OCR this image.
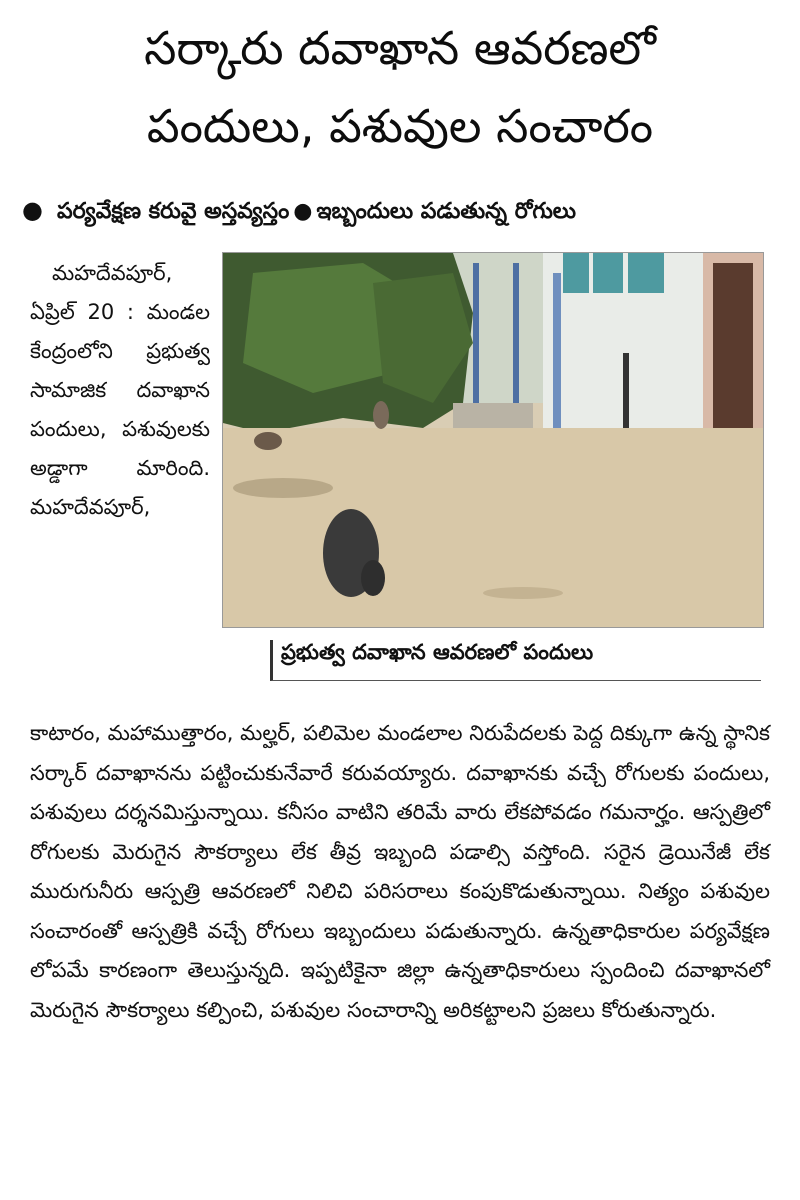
సర్కారు దవాఖాన ఆవరణలో
పందులు, పశువుల సంచారం
● పర్యవేక్షణ కరువై అస్తవ్యస్తం●ఇబ్బందులు పడుతున్న రోగులు

మహదేవపూర్, ఏప్రిల్ 20 : మండల కేంద్రంలోని ప్రభుత్వ సామాజిక దవాఖాన పందులు, పశువులకు అడ్డాగా మారింది. మహదేవపూర్,

ప్రభుత్వ దవాఖాన ఆవరణలో పందులు

కాటారం, మహాముత్తారం, మల్హర్, పలిమెల మండలాల నిరుపేదలకు పెద్ద దిక్కుగా ఉన్న స్థానిక సర్కార్ దవాఖానను పట్టించుకునేవారే కరువయ్యారు. దవాఖానకు వచ్చే రోగులకు పందులు, పశువులు దర్శనమిస్తున్నాయి. కనీసం వాటిని తరిమే వారు లేకపోవడం గమనార్హం. ఆస్పత్రిలో రోగులకు మెరుగైన సౌకర్యాలు లేక తీవ్ర ఇబ్బంది పడాల్సి వస్తోంది. సరైన డ్రెయినేజీ లేక మురుగునీరు ఆస్పత్రి ఆవరణలో నిలిచి పరిసరాలు కంపుకొడుతున్నాయి. నిత్యం పశువుల సంచారంతో ఆస్పత్రికి వచ్చే రోగులు ఇబ్బందులు పడుతున్నారు. ఉన్నతాధికారుల పర్యవేక్షణ లోపమే కారణంగా తెలుస్తున్నది. ఇప్పటికైనా జిల్లా ఉన్నతాధికారులు స్పందించి దవాఖానలో మెరుగైన సౌకర్యాలు కల్పించి, పశువుల సంచారాన్ని అరికట్టాలని ప్రజలు కోరుతున్నారు.
